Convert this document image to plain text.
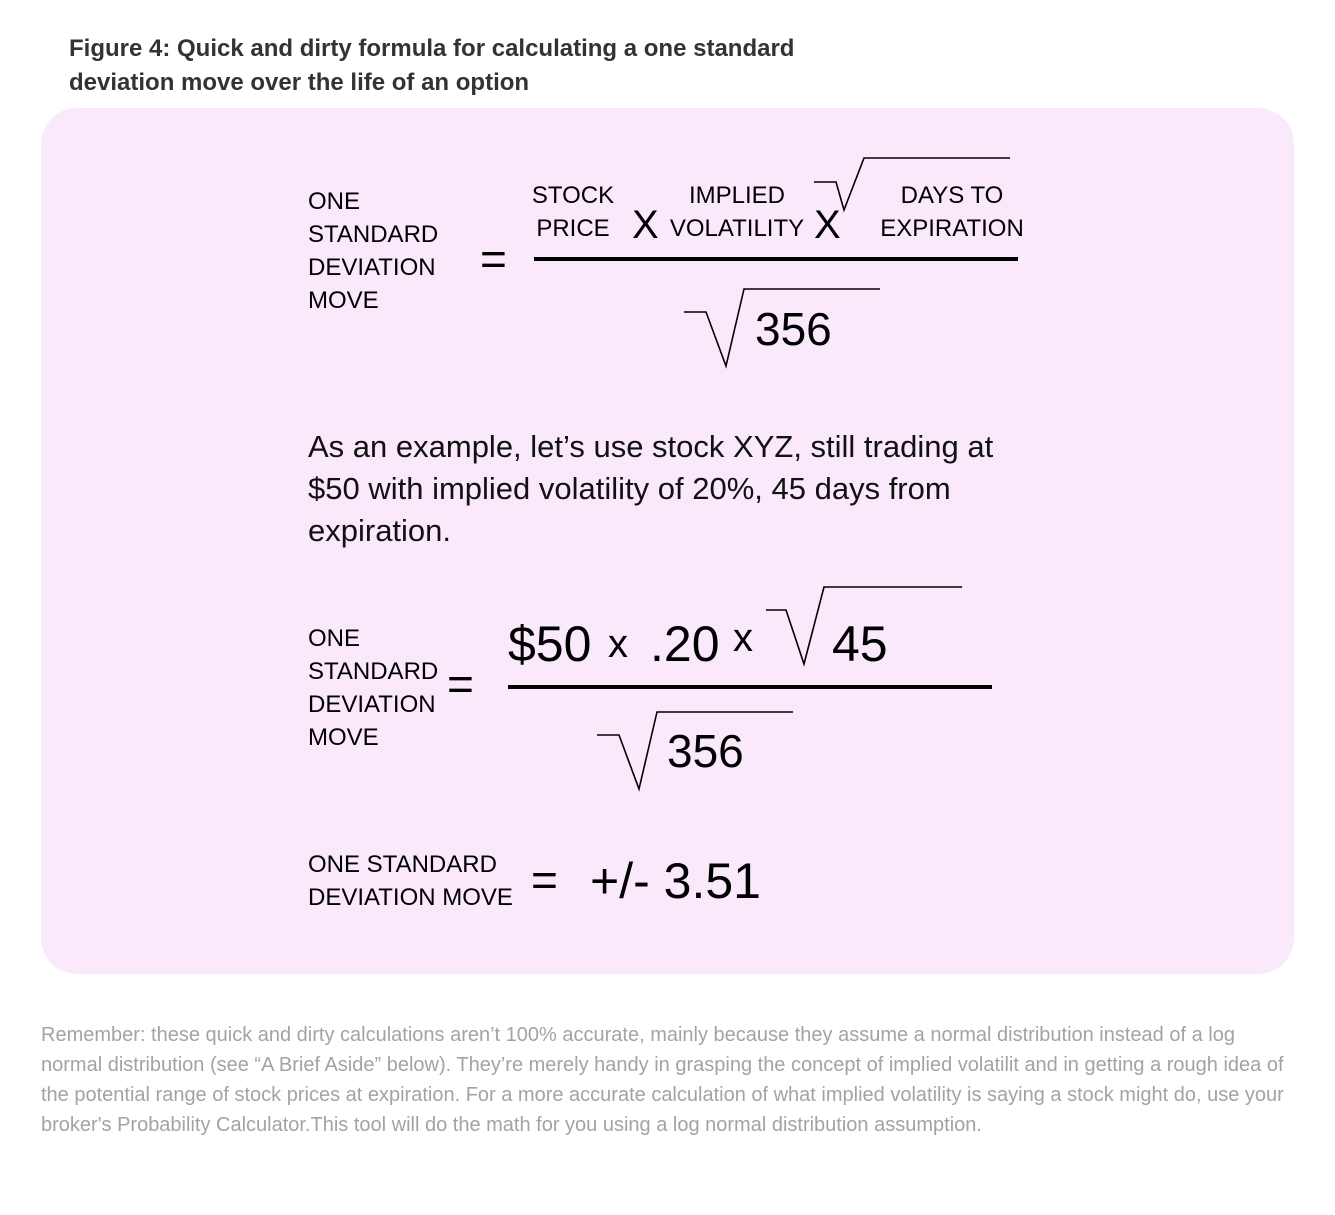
Figure 4: Quick and dirty formula for calculating a one standard deviation move over the life of an option
ONE
STANDARD
DEVIATION
MOVE
=
STOCK
PRICE X
IMPLIED
VOLATILITY X
DAYS TO
EXPIRATION
356
As an example, let’s use stock XYZ, still trading at $50 with implied volatility of 20%, 45 days from expiration.
ONE
STANDARD
DEVIATION
MOVE
=
$50 x .20 x 45
356
ONE STANDARD
DEVIATION MOVE = +/- 3.51
Remember: these quick and dirty calculations aren’t 100% accurate, mainly because they assume a normal distribution instead of a log normal distribution (see “A Brief Aside” below). They’re merely handy in grasping the concept of implied volatilit and in getting a rough idea of the potential range of stock prices at expiration. For a more accurate calculation of what implied volatility is saying a stock might do, use your broker's Probability Calculator.This tool will do the math for you using a log normal distribution assumption.
